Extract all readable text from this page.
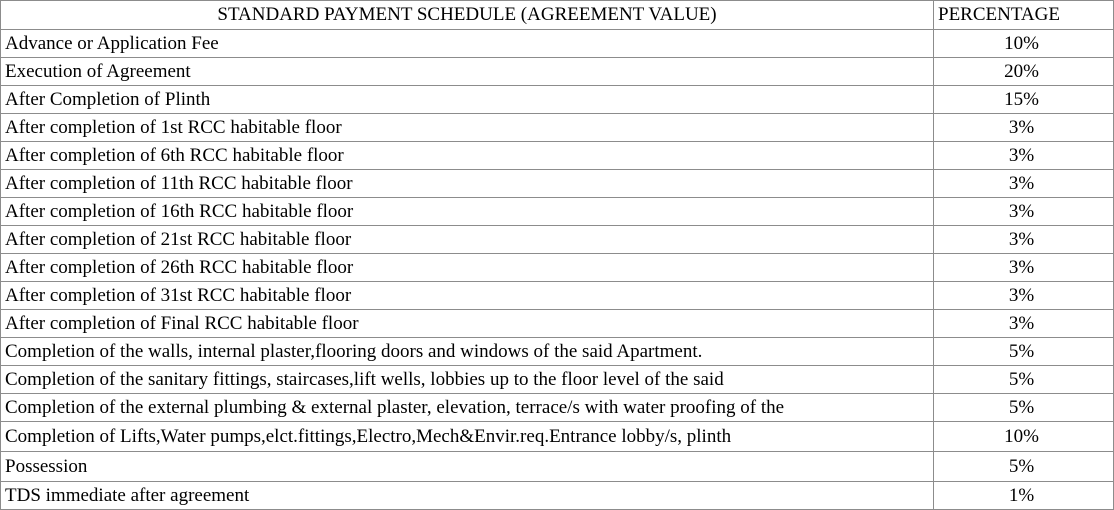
STANDARD PAYMENT SCHEDULE (AGREEMENT VALUE)	PERCENTAGE
Advance or Application Fee	10%
Execution of Agreement	20%
After Completion of Plinth	15%
After completion of 1st RCC habitable floor	3%
After completion of 6th RCC habitable floor	3%
After completion of 11th RCC habitable floor	3%
After completion of 16th RCC habitable floor	3%
After completion of 21st RCC habitable floor	3%
After completion of 26th RCC habitable floor	3%
After completion of 31st RCC habitable floor	3%
After completion of Final RCC habitable floor	3%
Completion of the walls, internal plaster,flooring doors and windows of the said Apartment.	5%
Completion of the sanitary fittings, staircases,lift wells, lobbies up to the floor level of the said	5%
Completion of the external plumbing & external plaster, elevation, terrace/s with water proofing of the	5%
Completion of Lifts,Water pumps,elct.fittings,Electro,Mech&Envir.req.Entrance lobby/s, plinth	10%
Possession	5%
TDS immediate after agreement	1%
